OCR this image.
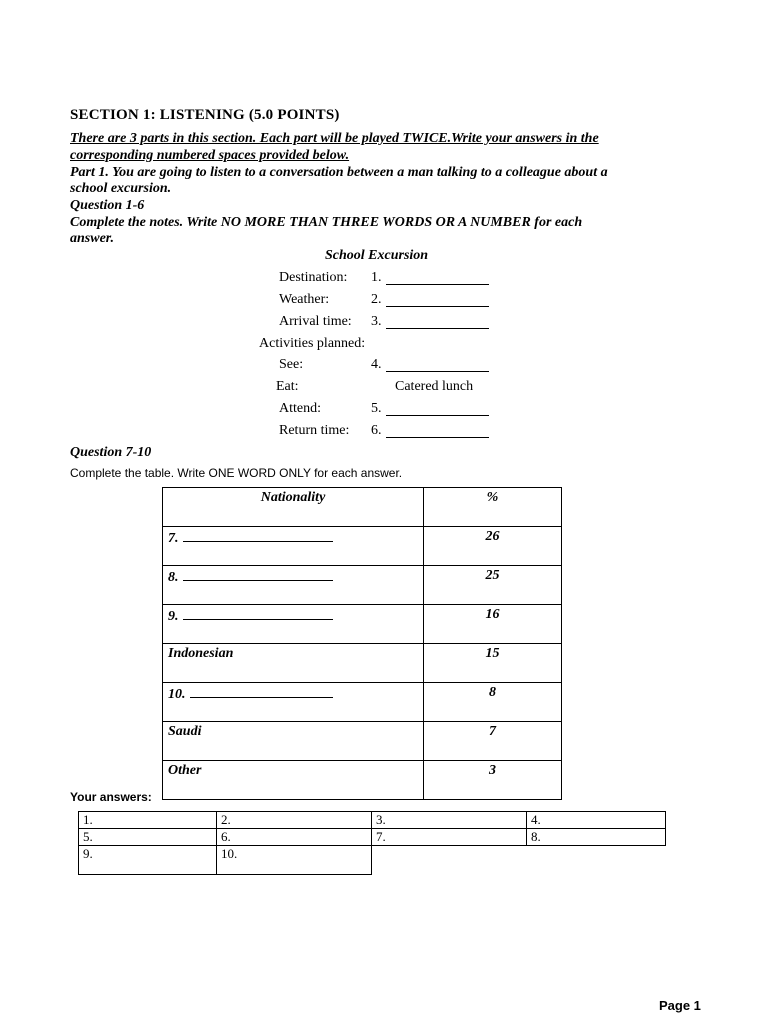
SECTION 1: LISTENING (5.0 POINTS)
There are 3 parts in this section. Each part will be played TWICE.Write your answers in the
corresponding numbered spaces provided below.
Part 1. You are going to listen to a conversation between a man talking to a colleague about a
school excursion.
Question 1-6
Complete the notes. Write NO MORE THAN THREE WORDS OR A NUMBER for each
answer.
School Excursion
Destination: 1.
Weather:	2.
Arrival time: 3.
Activities planned:
See:	4.
Eat:	Catered lunch
Attend:	5.
Return time: 6.
Question 7-10
Complete the table. Write ONE WORD ONLY for each answer.
Nationality	%
7.	26
8.	25
9.	16
Indonesian	15
10.	8
Saudi	7
Other	3
Your answers:
1.	2.	3.	4.
5.	6.	7.	8.
9.	10.		
Page 1
